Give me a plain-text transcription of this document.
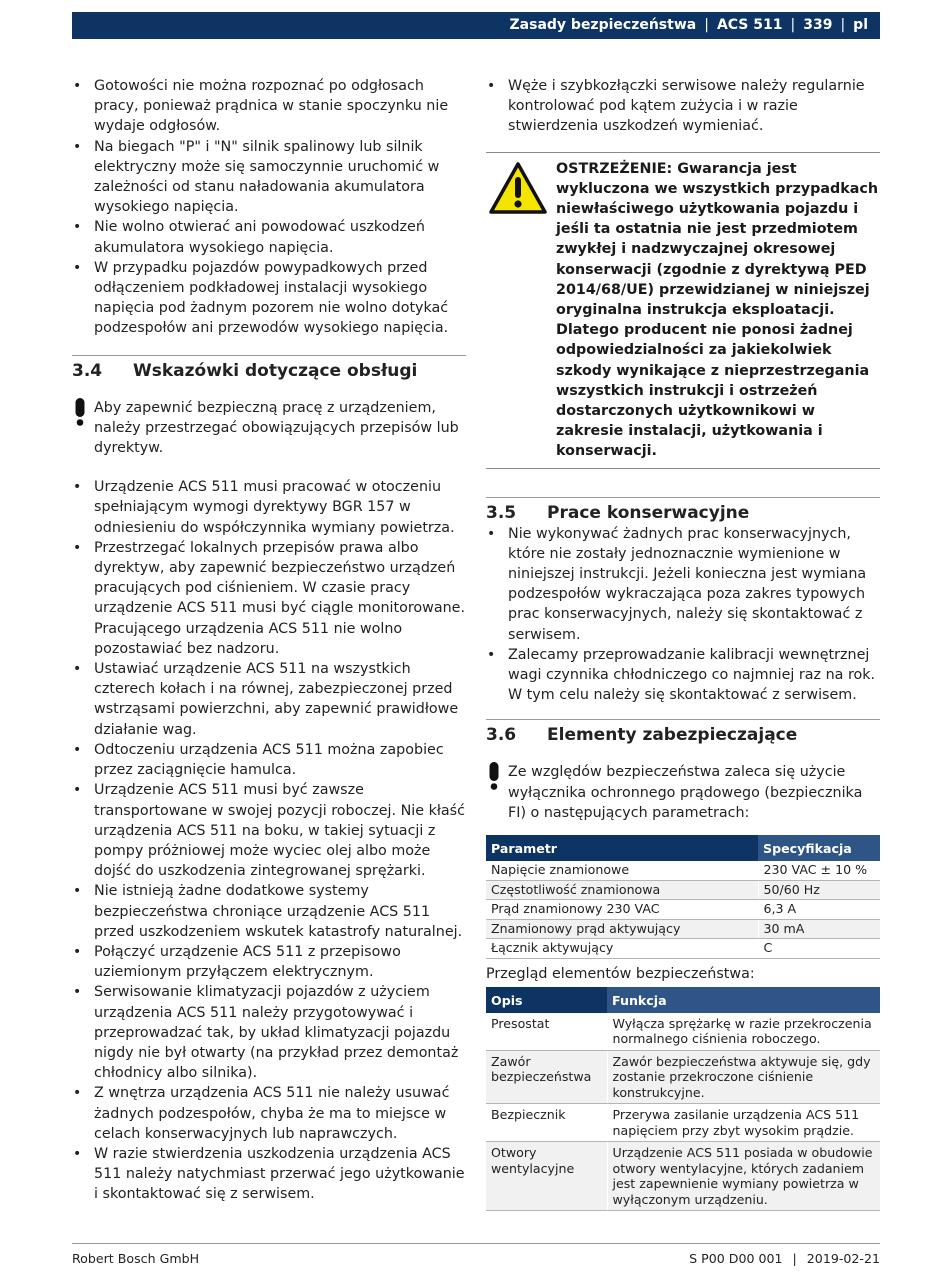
Zasady bezpieczeństwa | ACS 511 | 339 | pl
• Gotowości nie można rozpoznać po odgłosach pracy, ponieważ prądnica w stanie spoczynku nie wydaje odgłosów.
• Na biegach "P" i "N" silnik spalinowy lub silnik elektryczny może się samoczynnie uruchomić w zależności od stanu naładowania akumulatora wysokiego napięcia.
• Nie wolno otwierać ani powodować uszkodzeń akumulatora wysokiego napięcia.
• W przypadku pojazdów powypadkowych przed odłączeniem podkładowej instalacji wysokiego napięcia pod żadnym pozorem nie wolno dotykać podzespołów ani przewodów wysokiego napięcia.
3.4	Wskazówki dotyczące obsługi
Aby zapewnić bezpieczną pracę z urządzeniem, należy przestrzegać obowiązujących przepisów lub dyrektyw.
• Urządzenie ACS 511 musi pracować w otoczeniu spełniającym wymogi dyrektywy BGR 157 w odniesieniu do współczynnika wymiany powietrza.
• Przestrzegać lokalnych przepisów prawa albo dyrektyw, aby zapewnić bezpieczeństwo urządzeń pracujących pod ciśnieniem. W czasie pracy urządzenie ACS 511 musi być ciągle monitorowane. Pracującego urządzenia ACS 511 nie wolno pozostawiać bez nadzoru.
• Ustawiać urządzenie ACS 511 na wszystkich czterech kołach i na równej, zabezpieczonej przed wstrząsami powierzchni, aby zapewnić prawidłowe działanie wag.
• Odtoczeniu urządzenia ACS 511 można zapobiec przez zaciągnięcie hamulca.
• Urządzenie ACS 511 musi być zawsze transportowane w swojej pozycji roboczej. Nie kłaść urządzenia ACS 511 na boku, w takiej sytuacji z pompy próżniowej może wyciec olej albo może dojść do uszkodzenia zintegrowanej sprężarki.
• Nie istnieją żadne dodatkowe systemy bezpieczeństwa chroniące urządzenie ACS 511 przed uszkodzeniem wskutek katastrofy naturalnej.
• Połączyć urządzenie ACS 511 z przepisowo uziemionym przyłączem elektrycznym.
• Serwisowanie klimatyzacji pojazdów z użyciem urządzenia ACS 511 należy przygotowywać i przeprowadzać tak, by układ klimatyzacji pojazdu nigdy nie był otwarty (na przykład przez demontaż chłodnicy albo silnika).
• Z wnętrza urządzenia ACS 511 nie należy usuwać żadnych podzespołów, chyba że ma to miejsce w celach konserwacyjnych lub naprawczych.
• W razie stwierdzenia uszkodzenia urządzenia ACS 511 należy natychmiast przerwać jego użytkowanie i skontaktować się z serwisem.
• Węże i szybkozłączki serwisowe należy regularnie kontrolować pod kątem zużycia i w razie stwierdzenia uszkodzeń wymieniać.
OSTRZEŻENIE: Gwarancja jest wykluczona we wszystkich przypadkach niewłaściwego użytkowania pojazdu i jeśli ta ostatnia nie jest przedmiotem zwykłej i nadzwyczajnej okresowej konserwacji (zgodnie z dyrektywą PED 2014/68/UE) przewidzianej w niniejszej oryginalna instrukcja eksploatacji. Dlatego producent nie ponosi żadnej odpowiedzialności za jakiekolwiek szkody wynikające z nieprzestrzegania wszystkich instrukcji i ostrzeżeń dostarczonych użytkownikowi w zakresie instalacji, użytkowania i konserwacji.
3.5	Prace konserwacyjne
• Nie wykonywać żadnych prac konserwacyjnych, które nie zostały jednoznacznie wymienione w niniejszej instrukcji. Jeżeli konieczna jest wymiana podzespołów wykraczająca poza zakres typowych prac konserwacyjnych, należy się skontaktować z serwisem.
• Zalecamy przeprowadzanie kalibracji wewnętrznej wagi czynnika chłodniczego co najmniej raz na rok. W tym celu należy się skontaktować z serwisem.
3.6	Elementy zabezpieczające
Ze względów bezpieczeństwa zaleca się użycie wyłącznika ochronnego prądowego (bezpiecznika FI) o następujących parametrach:
Parametr	Specyfikacja
Napięcie znamionowe	230 VAC ± 10 %
Częstotliwość znamionowa	50/60 Hz
Prąd znamionowy 230 VAC	6,3 A
Znamionowy prąd aktywujący	30 mA
Łącznik aktywujący	C
Przegląd elementów bezpieczeństwa:
Opis	Funkcja
Presostat	Wyłącza sprężarkę w razie przekroczenia normalnego ciśnienia roboczego.
Zawór bezpieczeństwa	Zawór bezpieczeństwa aktywuje się, gdy zostanie przekroczone ciśnienie konstrukcyjne.
Bezpiecznik	Przerywa zasilanie urządzenia ACS 511 napięciem przy zbyt wysokim prądzie.
Otwory wentylacyjne	Urządzenie ACS 511 posiada w obudowie otwory wentylacyjne, których zadaniem jest zapewnienie wymiany powietrza w wyłączonym urządzeniu.
Robert Bosch GmbH	S P00 D00 001 | 2019-02-21
